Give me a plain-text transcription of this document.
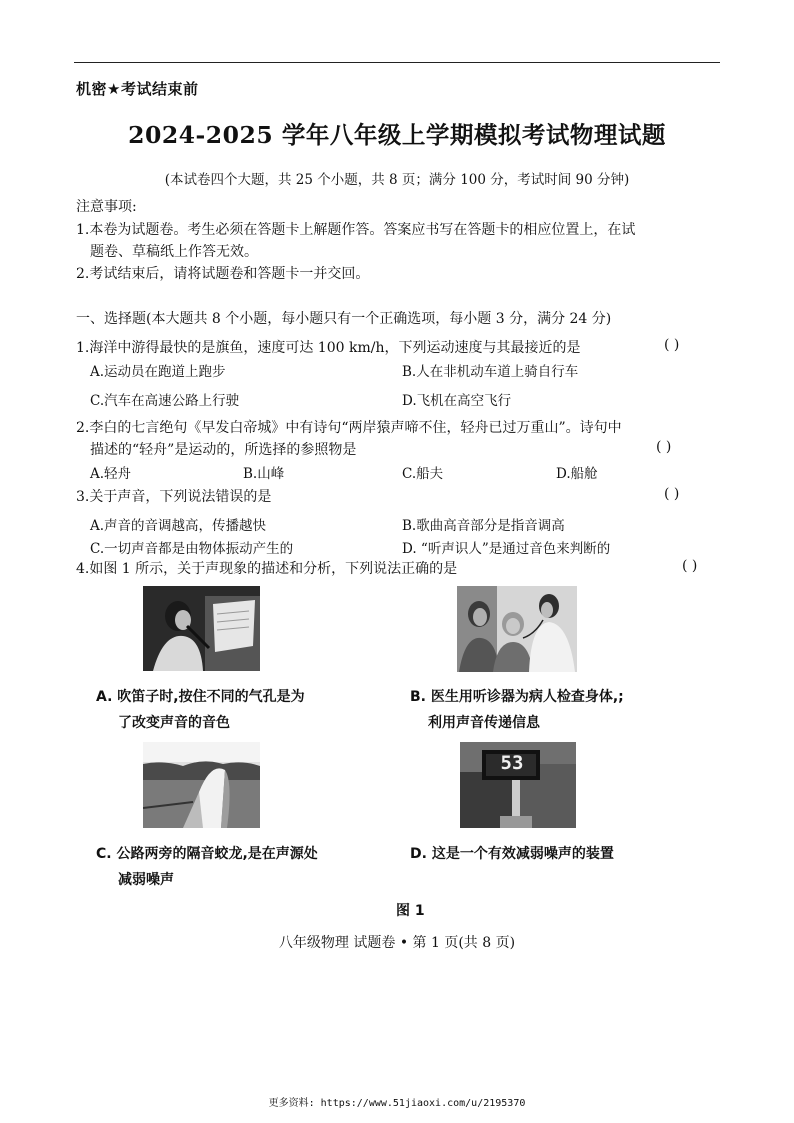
机密★考试结束前
2024-2025 学年八年级上学期模拟考试物理试题
(本试卷四个大题，共 25 个小题，共 8 页；满分 100 分，考试时间 90 分钟)
注意事项:
1.本卷为试题卷。考生必须在答题卡上解题作答。答案应书写在答题卡的相应位置上，在试
题卷、草稿纸上作答无效。
2.考试结束后，请将试题卷和答题卡一并交回。
一、选择题(本大题共 8 个小题，每小题只有一个正确选项，每小题 3 分，满分 24 分)
1.海洋中游得最快的是旗鱼，速度可达 100 km/h，下列运动速度与其最接近的是	( )
A.运动员在跑道上跑步	B.人在非机动车道上骑自行车
C.汽车在高速公路上行驶	D.飞机在高空飞行
2.李白的七言绝句《早发白帝城》中有诗句“两岸猿声啼不住，轻舟已过万重山”。诗句中
描述的“轻舟”是运动的，所选择的参照物是	( )
A.轻舟	B.山峰	C.船夫	D.船舱
3.关于声音，下列说法错误的是	( )
A.声音的音调越高，传播越快	B.歌曲高音部分是指音调高
C.一切声音都是由物体振动产生的	D. “听声识人”是通过音色来判断的
4.如图 1 所示，关于声现象的描述和分析，下列说法正确的是	( )
A. 吹笛子时,按住不同的气孔是为
了改变声音的音色
B. 医生用听诊器为病人检查身体,;
利用声音传递信息
53
C. 公路两旁的隔音蛟龙,是在声源处
减弱噪声
D. 这是一个有效减弱噪声的装置
图 1
八年级物理 试题卷 • 第 1 页(共 8 页)
更多资料: https://www.51jiaoxi.com/u/2195370
